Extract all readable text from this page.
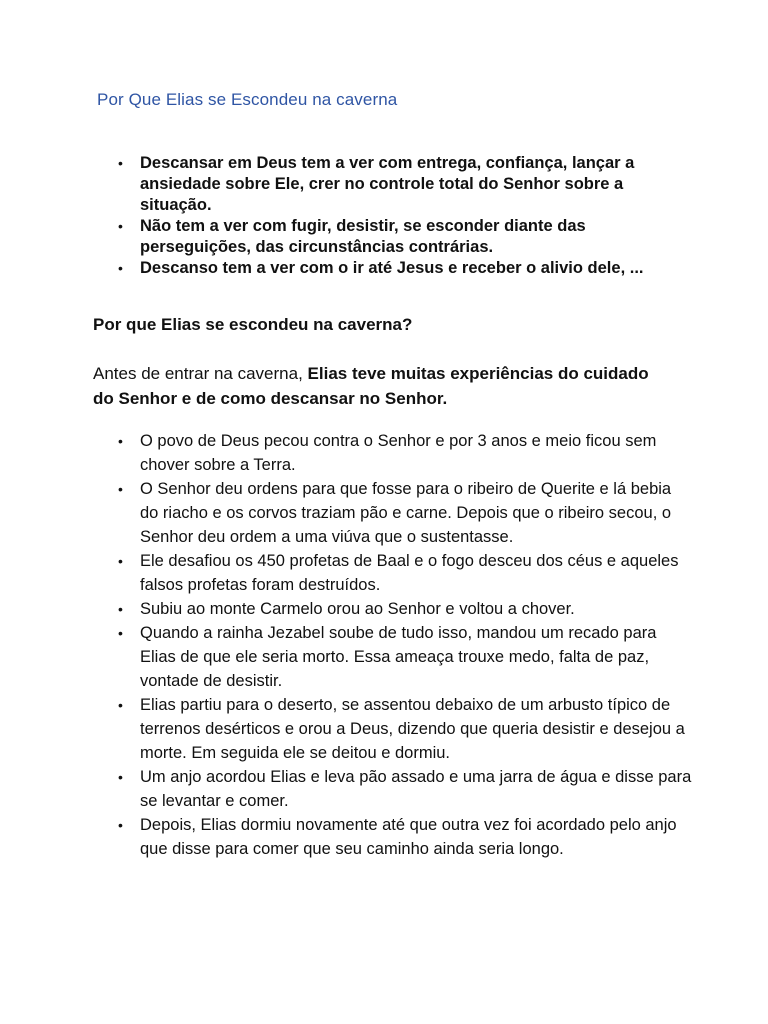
Por Que Elias se Escondeu na caverna
• Descansar em Deus tem a ver com entrega, confiança, lançar a ansiedade sobre Ele, crer no controle total do Senhor sobre a situação.
• Não tem a ver com fugir, desistir, se esconder diante das perseguições, das circunstâncias contrárias.
• Descanso tem a ver com o ir até Jesus e receber o alivio dele, ...
Por que Elias se escondeu na caverna?

Antes de entrar na caverna, Elias teve muitas experiências do cuidado do Senhor e de como descansar no Senhor.

• O povo de Deus pecou contra o Senhor e por 3 anos e meio ficou sem chover sobre a Terra.
• O Senhor deu ordens para que fosse para o ribeiro de Querite e lá bebia do riacho e os corvos traziam pão e carne. Depois que o ribeiro secou, o Senhor deu ordem a uma viúva que o sustentasse.
• Ele desafiou os 450 profetas de Baal e o fogo desceu dos céus e aqueles falsos profetas foram destruídos.
• Subiu ao monte Carmelo orou ao Senhor e voltou a chover.
• Quando a rainha Jezabel soube de tudo isso, mandou um recado para Elias de que ele seria morto. Essa ameaça trouxe medo, falta de paz, vontade de desistir.
• Elias partiu para o deserto, se assentou debaixo de um arbusto típico de terrenos desérticos e orou a Deus, dizendo que queria desistir e desejou a morte. Em seguida ele se deitou e dormiu.
• Um anjo acordou Elias e leva pão assado e uma jarra de água e disse para se levantar e comer.
• Depois, Elias dormiu novamente até que outra vez foi acordado pelo anjo que disse para comer que seu caminho ainda seria longo.
